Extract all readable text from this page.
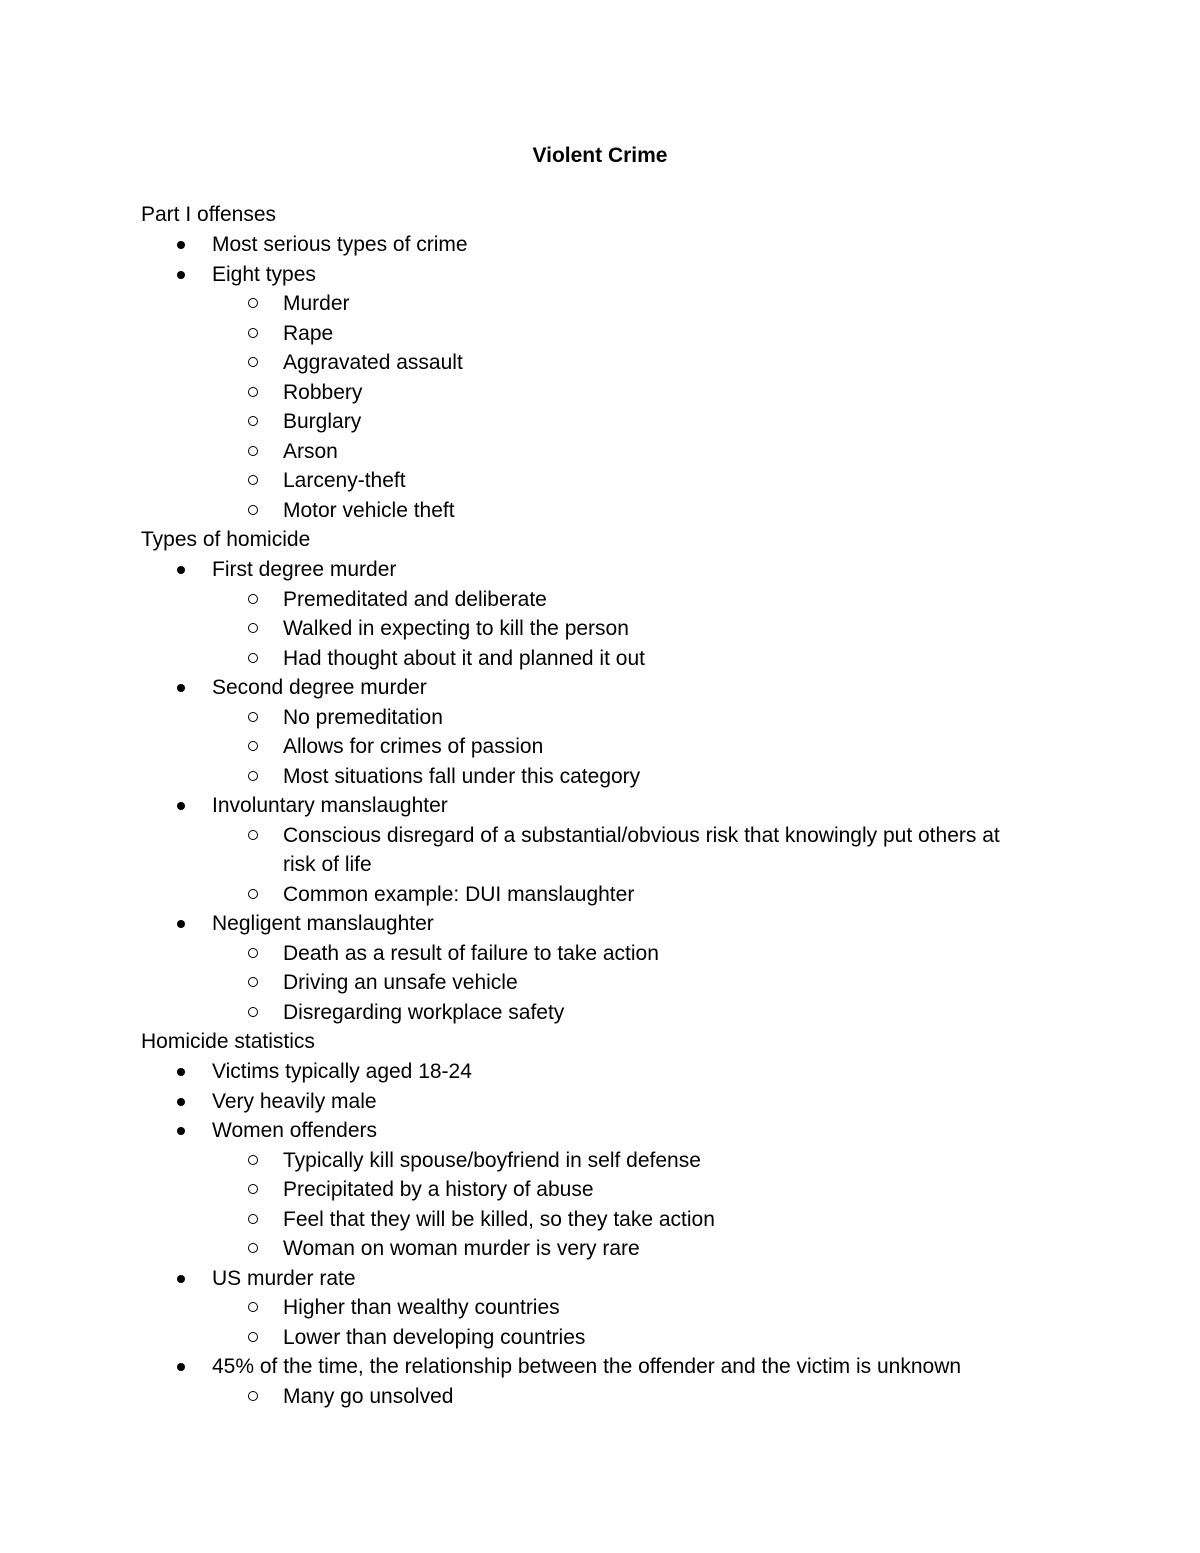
Violent Crime
Part I offenses
Most serious types of crime
Eight types
Murder
Rape
Aggravated assault
Robbery
Burglary
Arson
Larceny-theft
Motor vehicle theft
Types of homicide
First degree murder
Premeditated and deliberate
Walked in expecting to kill the person
Had thought about it and planned it out
Second degree murder
No premeditation
Allows for crimes of passion
Most situations fall under this category
Involuntary manslaughter
Conscious disregard of a substantial/obvious risk that knowingly put others at risk of life
Common example: DUI manslaughter
Negligent manslaughter
Death as a result of failure to take action
Driving an unsafe vehicle
Disregarding workplace safety
Homicide statistics
Victims typically aged 18-24
Very heavily male
Women offenders
Typically kill spouse/boyfriend in self defense
Precipitated by a history of abuse
Feel that they will be killed, so they take action
Woman on woman murder is very rare
US murder rate
Higher than wealthy countries
Lower than developing countries
45% of the time, the relationship between the offender and the victim is unknown
Many go unsolved
